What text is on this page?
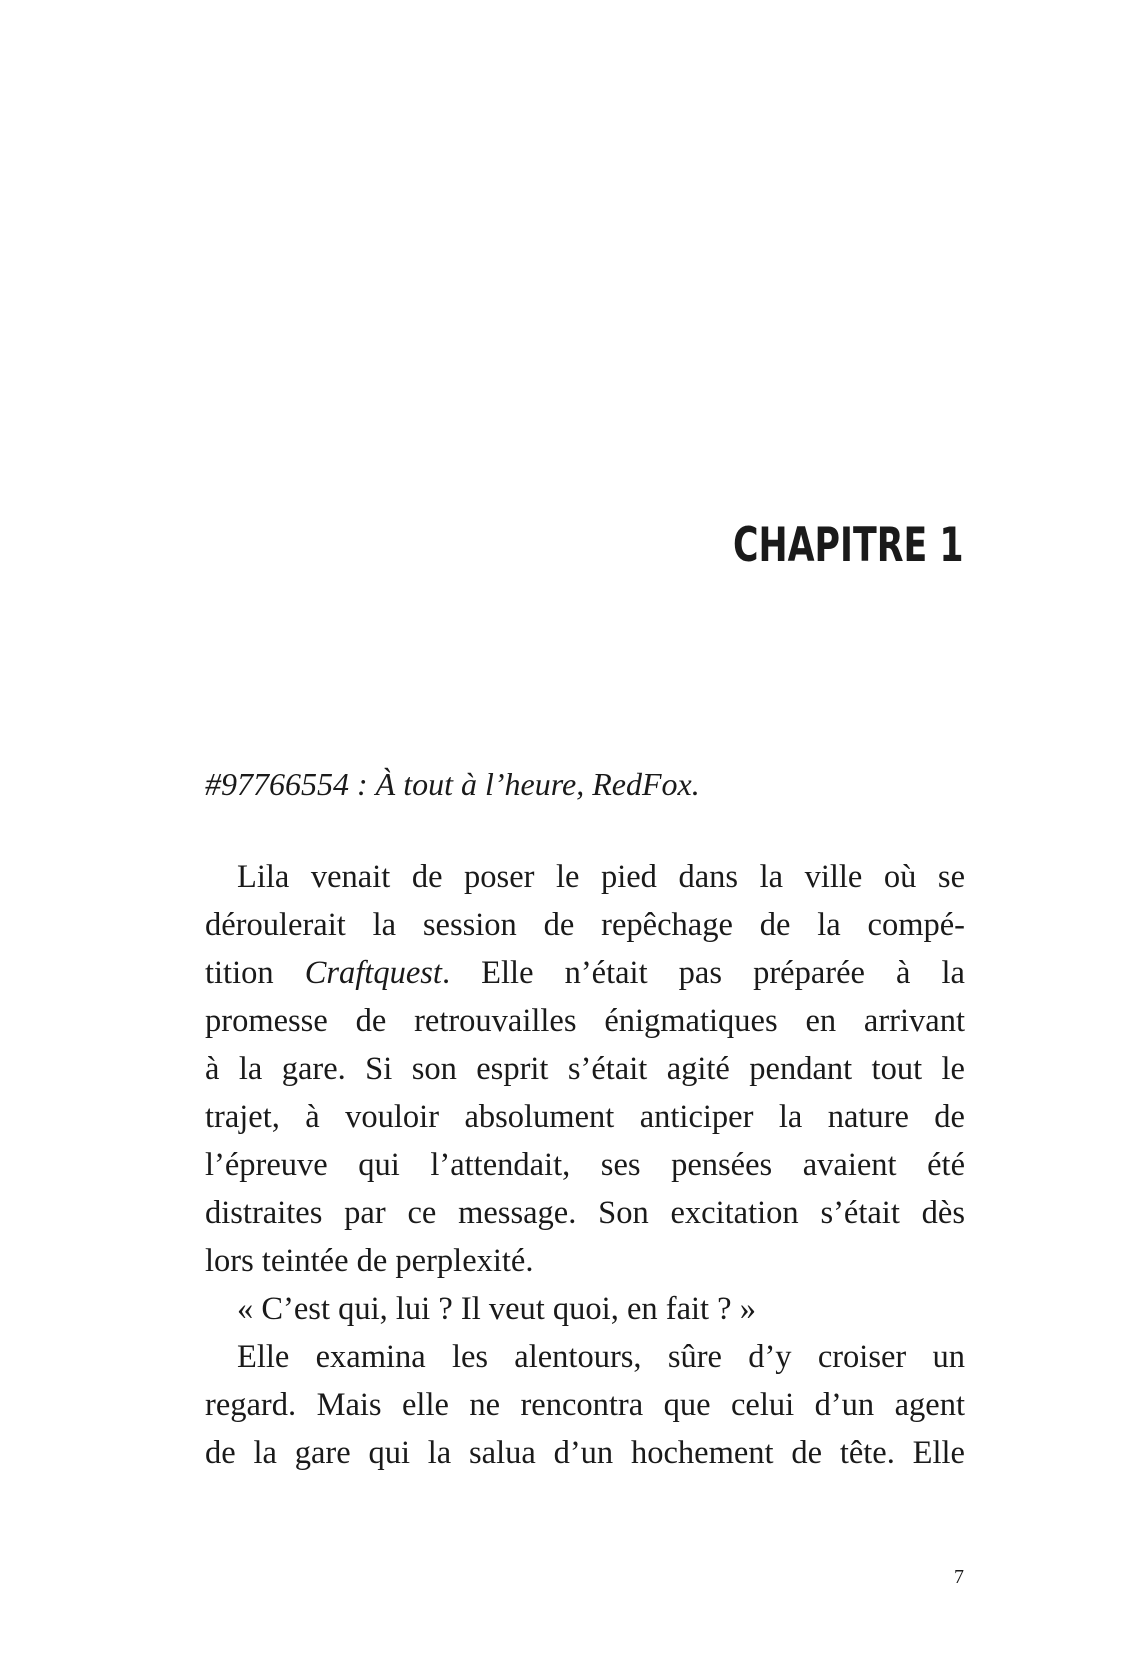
CHAPITRE 1

#97766554 : À tout à l’heure, RedFox.

Lila venait de poser le pied dans la ville où se
déroulerait la session de repêchage de la compé-
tition Craftquest. Elle n’était pas préparée à la
promesse de retrouvailles énigmatiques en arrivant
à la gare. Si son esprit s’était agité pendant tout le
trajet, à vouloir absolument anticiper la nature de
l’épreuve qui l’attendait, ses pensées avaient été
distraites par ce message. Son excitation s’était dès
lors teintée de perplexité.
« C’est qui, lui ? Il veut quoi, en fait ? »
Elle examina les alentours, sûre d’y croiser un
regard. Mais elle ne rencontra que celui d’un agent
de la gare qui la salua d’un hochement de tête. Elle
7
